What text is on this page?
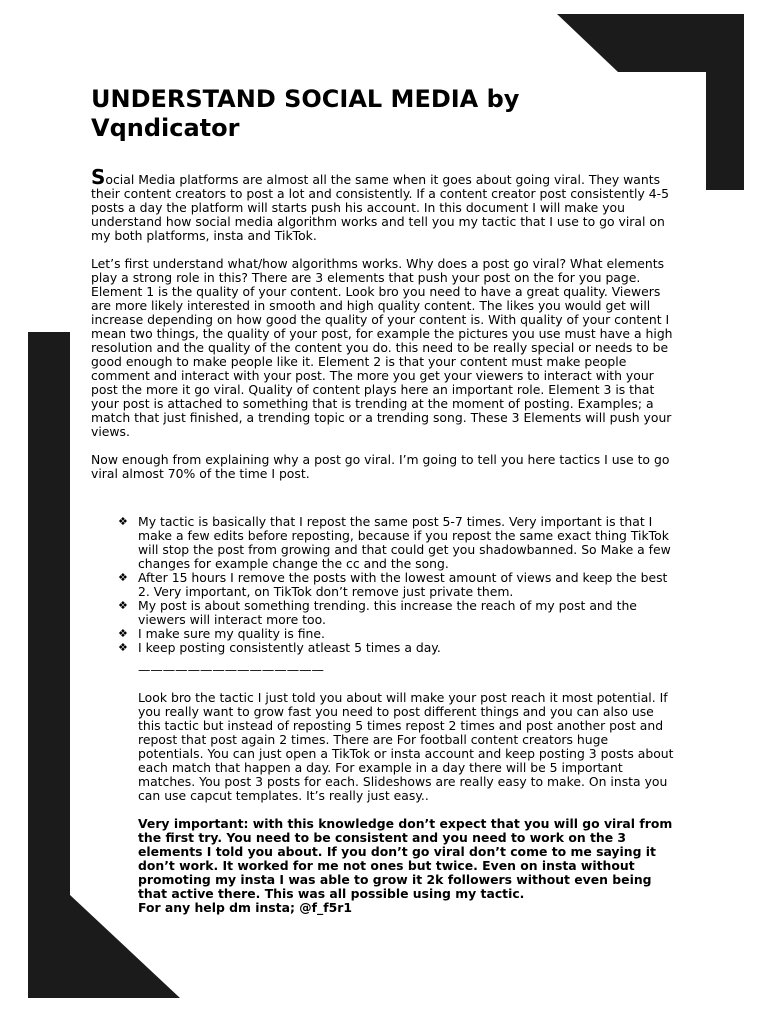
UNDERSTAND SOCIAL MEDIA by Vqndicator

Social Media platforms are almost all the same when it goes about going viral. They wants their content creators to post a lot and consistently. If a content creator post consistently 4-5 posts a day the platform will starts push his account. In this document I will make you understand how social media algorithm works and tell you my tactic that I use to go viral on my both platforms, insta and TikTok.

Let’s first understand what/how algorithms works. Why does a post go viral? What elements play a strong role in this? There are 3 elements that push your post on the for you page. Element 1 is the quality of your content. Look bro you need to have a great quality. Viewers are more likely interested in smooth and high quality content. The likes you would get will increase depending on how good the quality of your content is. With quality of your content I mean two things, the quality of your post, for example the pictures you use must have a high resolution and the quality of the content you do. this need to be really special or needs to be good enough to make people like it. Element 2 is that your content must make people comment and interact with your post. The more you get your viewers to interact with your post the more it go viral. Quality of content plays here an important role. Element 3 is that your post is attached to something that is trending at the moment of posting. Examples; a match that just finished, a trending topic or a trending song. These 3 Elements will push your views.

Now enough from explaining why a post go viral. I’m going to tell you here tactics I use to go viral almost 70% of the time I post.

❖ My tactic is basically that I repost the same post 5-7 times. Very important is that I make a few edits before reposting, because if you repost the same exact thing TikTok will stop the post from growing and that could get you shadowbanned. So Make a few changes for example change the cc and the song.
❖ After 15 hours I remove the posts with the lowest amount of views and keep the best 2. Very important, on TikTok don’t remove just private them.
❖ My post is about something trending. this increase the reach of my post and the viewers will interact more too.
❖ I make sure my quality is fine.
❖ I keep posting consistently atleast 5 times a day.
———————————————

Look bro the tactic I just told you about will make your post reach it most potential. If you really want to grow fast you need to post different things and you can also use this tactic but instead of reposting 5 times repost 2 times and post another post and repost that post again 2 times. There are For football content creators huge potentials. You can just open a TikTok or insta account and keep posting 3 posts about each match that happen a day. For example in a day there will be 5 important matches. You post 3 posts for each. Slideshows are really easy to make. On insta you can use capcut templates. It’s really just easy..

Very important: with this knowledge don’t expect that you will go viral from the first try. You need to be consistent and you need to work on the 3 elements I told you about. If you don’t go viral don’t come to me saying it don’t work. It worked for me not ones but twice. Even on insta without promoting my insta I was able to grow it 2k followers without even being that active there. This was all possible using my tactic.
For any help dm insta; @f_f5r1
